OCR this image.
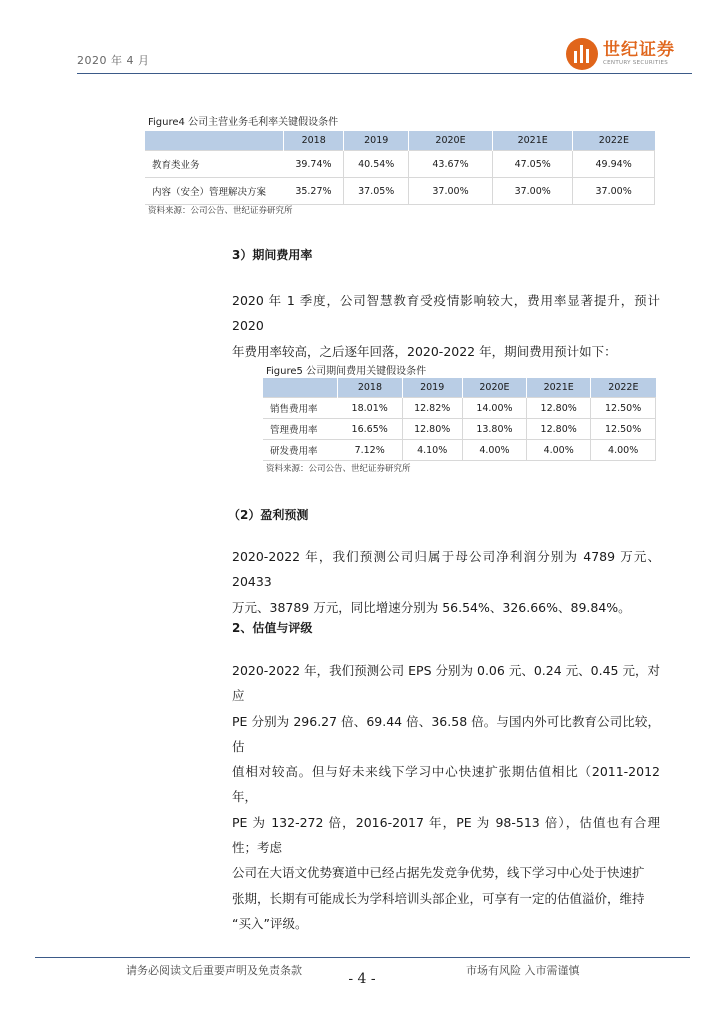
2020 年 4 月
世纪证券
CENTURY SECURITIES
Figure4 公司主营业务毛利率关键假设条件
	2018	2019	2020E	2021E	2022E
教育类业务	39.74%	40.54%	43.67%	47.05%	49.94%
内容（安全）管理解决方案	35.27%	37.05%	37.00%	37.00%	37.00%
资料来源：公司公告、世纪证券研究所
3）期间费用率

2020 年 1 季度，公司智慧教育受疫情影响较大，费用率显著提升，预计 2020

年费用率较高，之后逐年回落，2020-2022 年，期间费用预计如下：

Figure5 公司期间费用关键假设条件
	2018	2019	2020E	2021E	2022E
销售费用率	18.01%	12.82%	14.00%	12.80%	12.50%
管理费用率	16.65%	12.80%	13.80%	12.80%	12.50%
研发费用率	7.12%	4.10%	4.00%	4.00%	4.00%
资料来源：公司公告、世纪证券研究所
（2）盈利预测

2020-2022 年，我们预测公司归属于母公司净利润分别为 4789 万元、20433

万元、38789 万元，同比增速分别为 56.54%、326.66%、89.84%。

2、估值与评级

2020-2022 年，我们预测公司 EPS 分别为 0.06 元、0.24 元、0.45 元，对应

PE 分别为 296.27 倍、69.44 倍、36.58 倍。与国内外可比教育公司比较，估

值相对较高。但与好未来线下学习中心快速扩张期估值相比（2011-2012 年，

PE 为 132-272 倍，2016-2017 年，PE 为 98-513 倍），估值也有合理性；考虑

公司在大语文优势赛道中已经占据先发竞争优势，线下学习中心处于快速扩

张期，长期有可能成长为学科培训头部企业，可享有一定的估值溢价，维持

“买入”评级。

请务必阅读文后重要声明及免责条款	市场有风险 入市需谨慎
- 4 -
